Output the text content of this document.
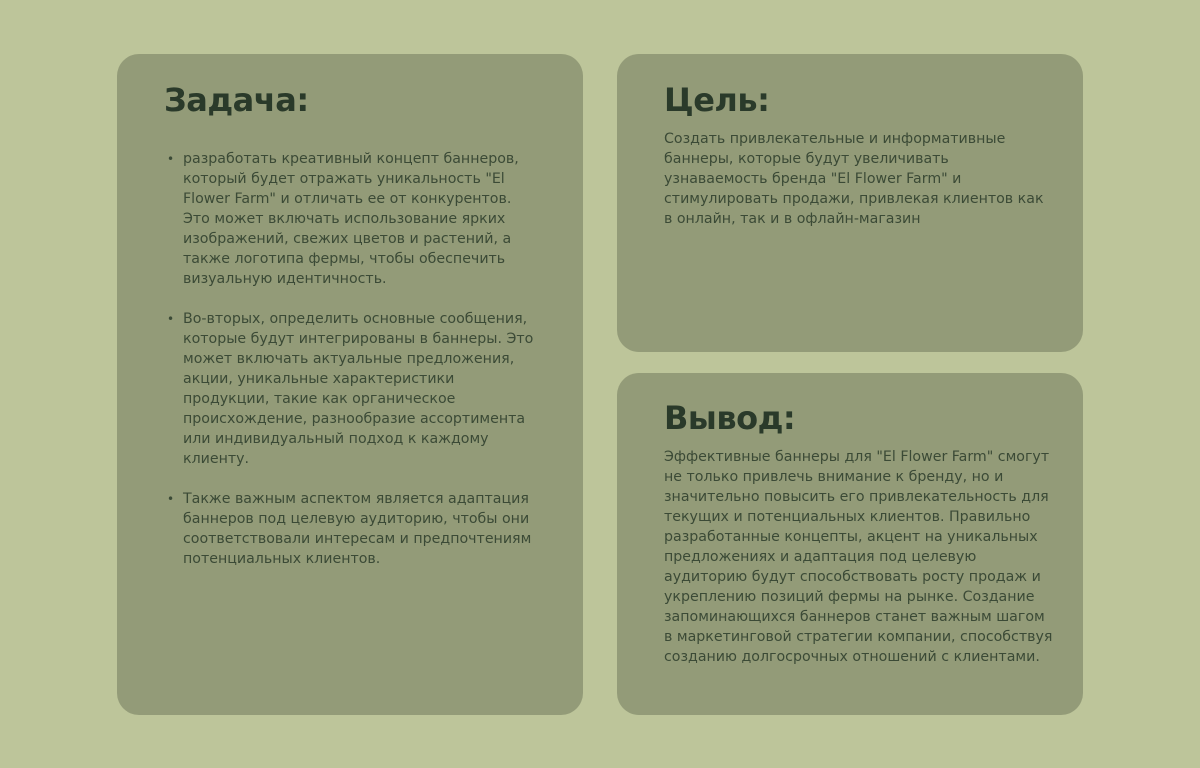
Задача:
• разработать креативный концепт баннеров, который будет отражать уникальность "El Flower Farm" и отличать ее от конкурентов. Это может включать использование ярких изображений, свежих цветов и растений, а также логотипа фермы, чтобы обеспечить визуальную идентичность.
• Во-вторых, определить основные сообщения, которые будут интегрированы в баннеры. Это может включать актуальные предложения, акции, уникальные характеристики продукции, такие как органическое происхождение, разнообразие ассортимента или индивидуальный подход к каждому клиенту.
• Также важным аспектом является адаптация баннеров под целевую аудиторию, чтобы они соответствовали интересам и предпочтениям потенциальных клиентов.
Цель:

Создать привлекательные и информативные баннеры, которые будут увеличивать узнаваемость бренда "El Flower Farm" и стимулировать продажи, привлекая клиентов как в онлайн, так и в офлайн-магазин

Вывод:

Эффективные баннеры для "El Flower Farm" смогут не только привлечь внимание к бренду, но и значительно повысить его привлекательность для текущих и потенциальных клиентов. Правильно разработанные концепты, акцент на уникальных предложениях и адаптация под целевую аудиторию будут способствовать росту продаж и укреплению позиций фермы на рынке. Создание запоминающихся баннеров станет важным шагом в маркетинговой стратегии компании, способствуя созданию долгосрочных отношений с клиентами.
